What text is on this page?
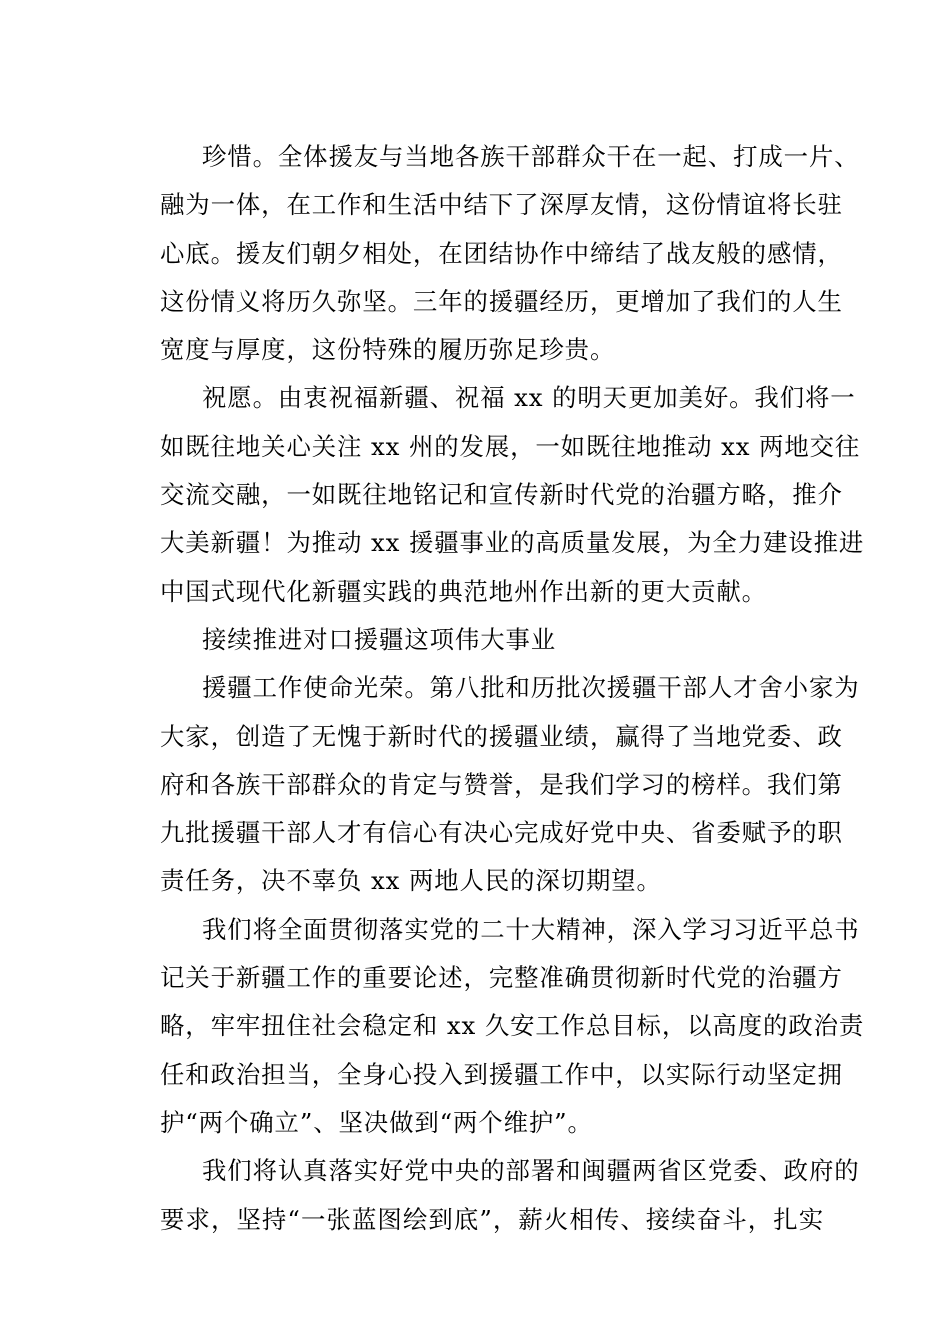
珍惜。全体援友与当地各族干部群众干在一起、打成一片、
融为一体，在工作和生活中结下了深厚友情，这份情谊将长驻
心底。援友们朝夕相处，在团结协作中缔结了战友般的感情，
这份情义将历久弥坚。三年的援疆经历，更增加了我们的人生
宽度与厚度，这份特殊的履历弥足珍贵。
祝愿。由衷祝福新疆、祝福 xx 的明天更加美好。我们将一
如既往地关心关注 xx 州的发展，一如既往地推动 xx 两地交往
交流交融，一如既往地铭记和宣传新时代党的治疆方略，推介
大美新疆！为推动 xx 援疆事业的高质量发展，为全力建设推进
中国式现代化新疆实践的典范地州作出新的更大贡献。
接续推进对口援疆这项伟大事业
援疆工作使命光荣。第八批和历批次援疆干部人才舍小家为
大家，创造了无愧于新时代的援疆业绩，赢得了当地党委、政
府和各族干部群众的肯定与赞誉，是我们学习的榜样。我们第
九批援疆干部人才有信心有决心完成好党中央、省委赋予的职
责任务，决不辜负 xx 两地人民的深切期望。
我们将全面贯彻落实党的二十大精神，深入学习习近平总书
记关于新疆工作的重要论述，完整准确贯彻新时代党的治疆方
略，牢牢扭住社会稳定和 xx 久安工作总目标，以高度的政治责
任和政治担当，全身心投入到援疆工作中，以实际行动坚定拥
护“两个确立”、坚决做到“两个维护”。
我们将认真落实好党中央的部署和闽疆两省区党委、政府的
要求，坚持“一张蓝图绘到底”，薪火相传、接续奋斗，扎实
